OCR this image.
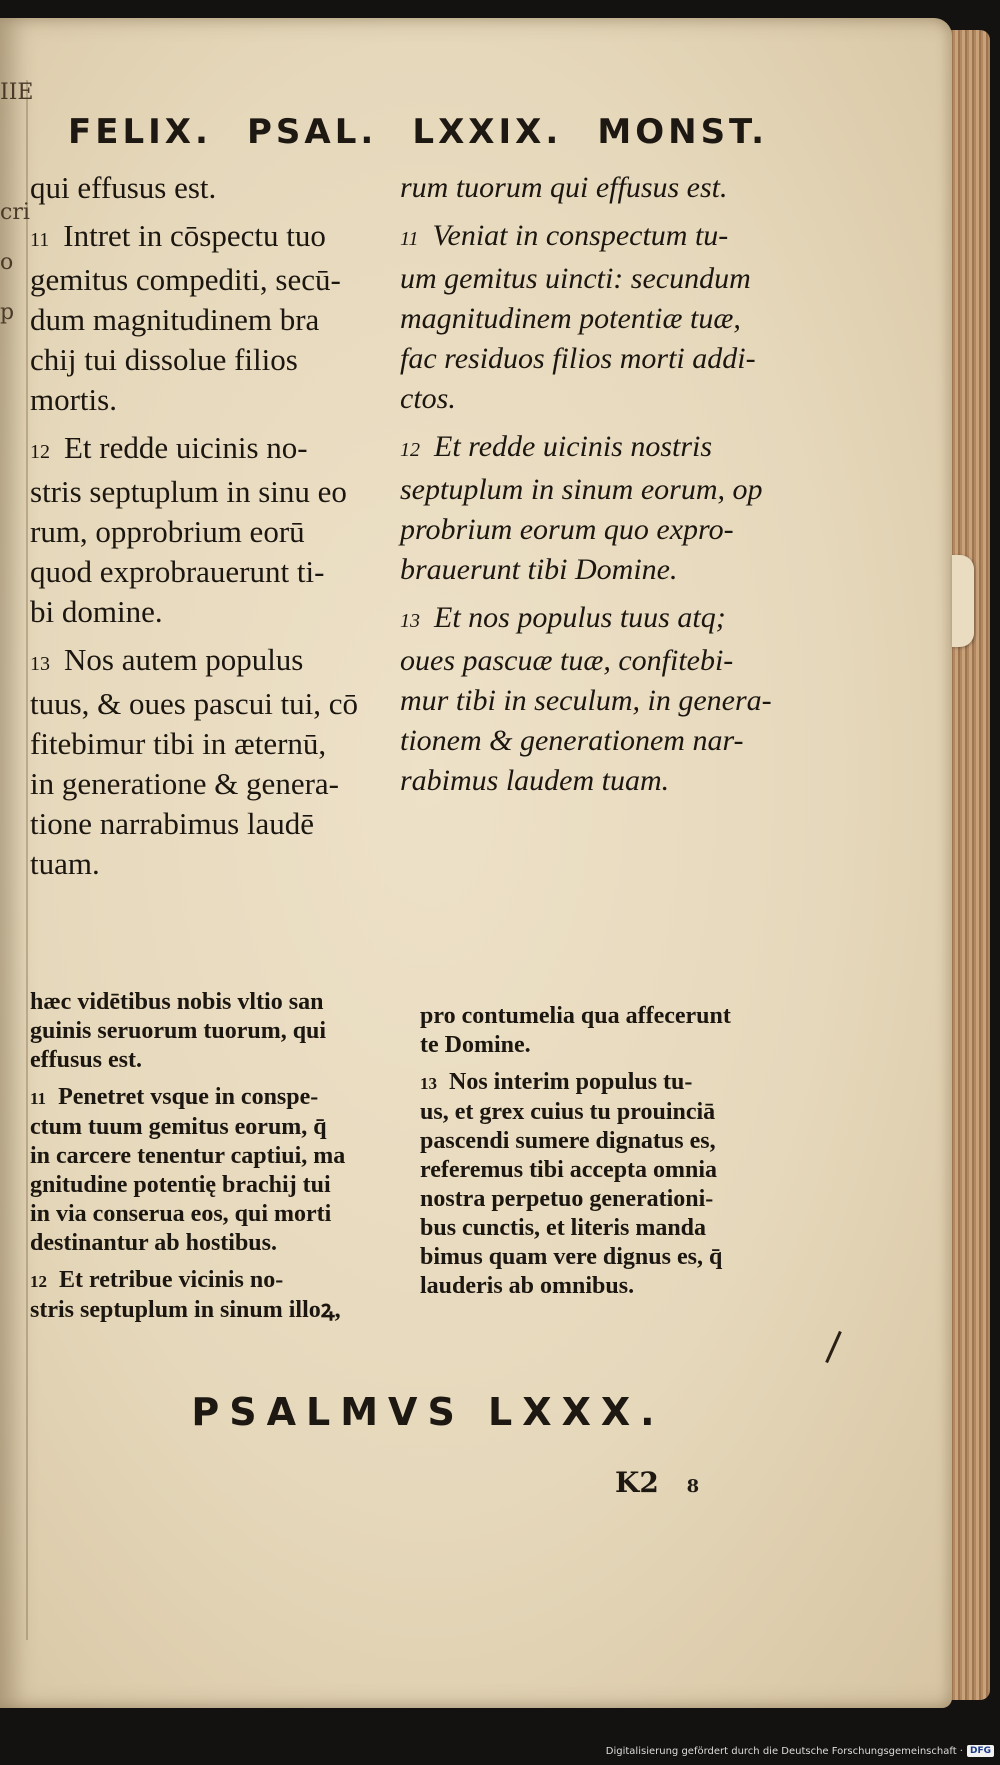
IIE
cri
o
p
FELIX. PSAL. LXXIX. MONST.

qui effusus est.

11 Intret in cōspectu tuo

gemitus compediti, secū-

dum magnitudinem bra

chij tui dissolue filios

mortis.

12 Et redde uicinis no-

stris septuplum in sinu eo

rum, opprobrium eorū

quod exprobrauerunt ti-

bi domine.

13 Nos autem populus

tuus, & oues pascui tui, cō

fitebimur tibi in æternū,

in generatione & genera-

tione narrabimus laudē

tuam.

rum tuorum qui effusus est.

11 Veniat in conspectum tu-

um gemitus uincti: secundum

magnitudinem potentiæ tuæ,

fac residuos filios morti addi-

ctos.

12 Et redde uicinis nostris

septuplum in sinum eorum, op

probrium eorum quo expro-

brauerunt tibi Domine.

13 Et nos populus tuus atq;

oues pascuæ tuæ, confitebi-

mur tibi in seculum, in genera-

tionem & generationem nar-

rabimus laudem tuam.

hæc vidētibus nobis vltio san

guinis seruorum tuorum, qui

effusus est.

11 Penetret vsque in conspe-

ctum tuum gemitus eorum, q̄

in carcere tenentur captiui, ma

gnitudine potentię brachij tui

in via conserua eos, qui morti

destinantur ab hostibus.

12 Et retribue vicinis no-

stris septuplum in sinum illoꝝ,

pro contumelia qua affecerunt

te Domine.

13 Nos interim populus tu-

us, et grex cuius tu prouinciā

pascendi sumere dignatus es,

referemus tibi accepta omnia

nostra perpetuo generationi-

bus cunctis, et literis manda

bimus quam vere dignus es, q̄

lauderis ab omnibus.

PSALMVS LXXX.
K2 8
Digitalisierung gefördert durch die Deutsche Forschungsgemeinschaft · DFG
